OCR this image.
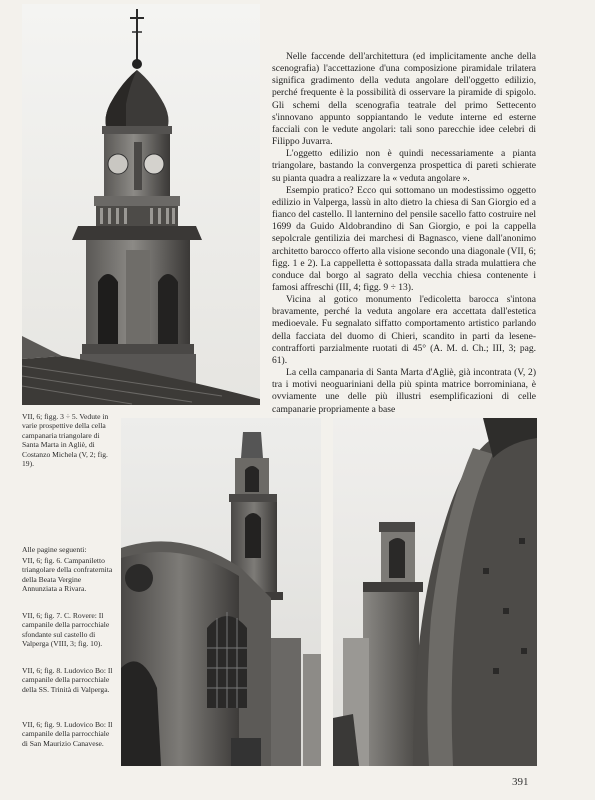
Nelle faccende dell'architettura (ed implicitamente anche della scenografia) l'accettazione d'una composizione piramidale trilatera significa gradimento della veduta angolare dell'oggetto edilizio, perché frequente è la possibilità di osservare la piramide di spigolo. Gli schemi della scenografia teatrale del primo Settecento s'innovano appunto soppiantando le vedute interne ed esterne facciali con le vedute angolari: tali sono parecchie idee celebri di Filippo Juvarra.

L'oggetto edilizio non è quindi necessariamente a pianta triangolare, bastando la convergenza prospettica di pareti schierate su pianta quadra a realizzare la « veduta angolare ».

Esempio pratico? Ecco qui sottomano un modestissimo oggetto edilizio in Valperga, lassù in alto dietro la chiesa di San Giorgio ed a fianco del castello. Il lanternino del pensile sacello fatto costruire nel 1699 da Guido Aldobrandino di San Giorgio, e poi la cappella sepolcrale gentilizia dei marchesi di Bagnasco, viene dall'anonimo architetto barocco offerto alla visione secondo una diagonale (VII, 6; figg. 1 e 2). La cappelletta è sottopassata dalla strada mulattiera che conduce dal borgo al sagrato della vecchia chiesa contenente i famosi affreschi (III, 4; figg. 9 ÷ 13).

Vicina al gotico monumento l'edicoletta barocca s'intona bravamente, perché la veduta angolare era accettata dall'estetica medioevale. Fu segnalato siffatto comportamento artistico parlando della facciata del duomo di Chieri, scandito in parti da lesene-contrafforti parzialmente ruotati di 45° (A. M. d. Ch.; III, 3; pag. 61).

La cella campanaria di Santa Marta d'Agliè, già incontrata (V, 2) tra i motivi neoguariniani della più spinta matrice borrominiana, è ovviamente une delle più illustri esemplificazioni di celle campanarie propriamente a base

VII, 6; figg. 3 ÷ 5. Vedute in varie prospettive della cella campanaria triangolare di Santa Marta in Agliè, di Costanzo Michela (V, 2; fig. 19).
Alle pagine seguenti:
VII, 6; fig. 6. Campaniletto triangolare della confraternita della Beata Vergine Annunziata a Rivara.
VII, 6; fig. 7. C. Rovere: Il campanile della parrocchiale sfondante sul castello di Valperga (VIII, 3; fig. 10).
VII, 6; fig. 8. Ludovico Bo: Il campanile della parrocchiale della SS. Trinità di Valperga.
VII, 6; fig. 9. Ludovico Bo: Il campanile della parrocchiale di San Maurizio Canavese.
391
